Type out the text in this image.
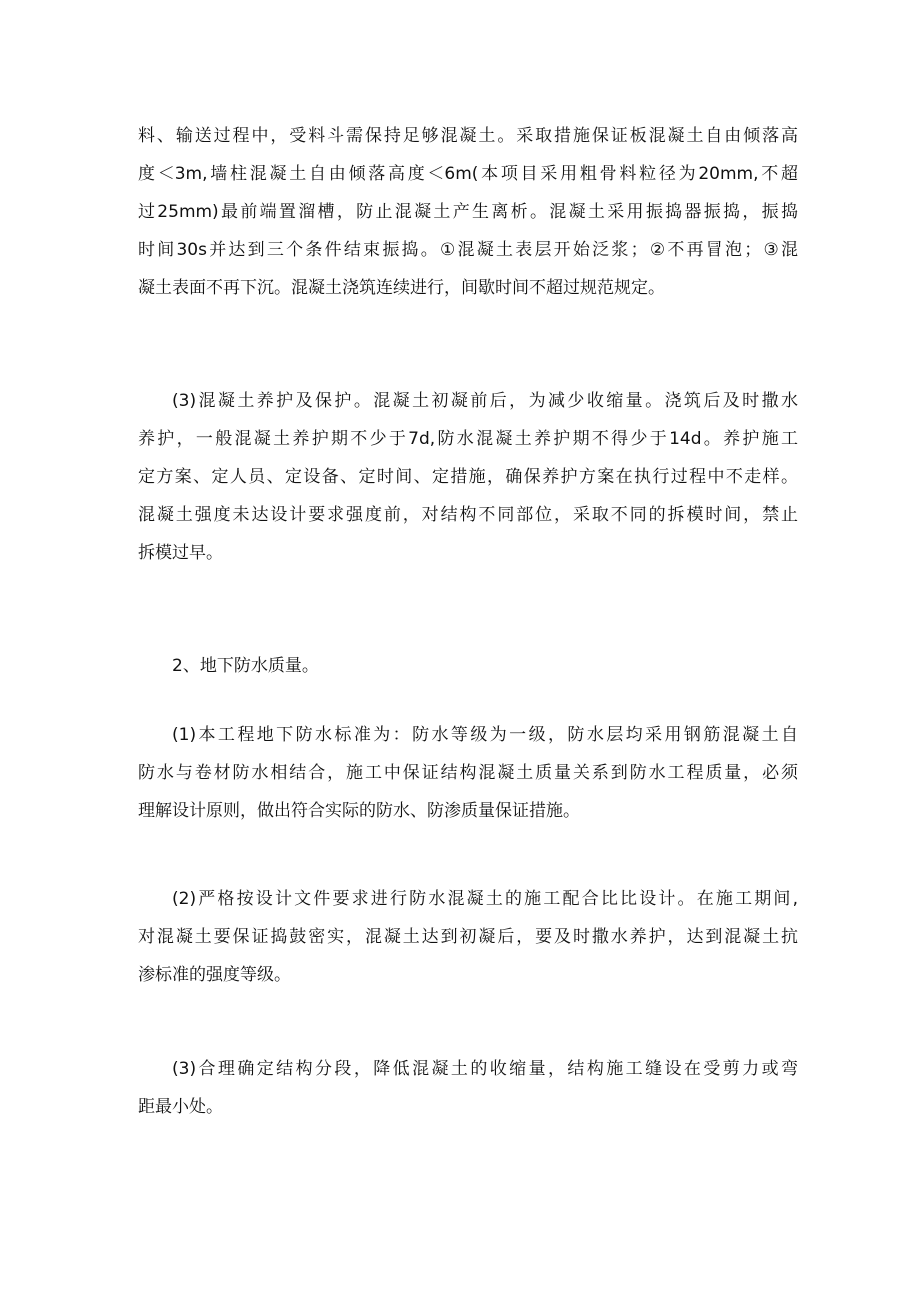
料、输送过程中，受料斗需保持足够混凝土。采取措施保证板混凝土自由倾落高
度＜3m,墙柱混凝土自由倾落高度＜6m(本项目采用粗骨料粒径为20mm,不超
过25mm)最前端置溜槽，防止混凝土产生离析。混凝土采用振捣器振捣，振捣
时间30s并达到三个条件结束振捣。①混凝土表层开始泛浆；②不再冒泡；③混
凝土表面不再下沉。混凝土浇筑连续进行，间歇时间不超过规范规定。
(3)混凝土养护及保护。混凝土初凝前后，为减少收缩量。浇筑后及时撒水
养护，一般混凝土养护期不少于7d,防水混凝土养护期不得少于14d。养护施工
定方案、定人员、定设备、定时间、定措施，确保养护方案在执行过程中不走样。
混凝土强度未达设计要求强度前，对结构不同部位，采取不同的拆模时间，禁止
拆模过早。
2、地下防水质量。
(1)本工程地下防水标准为：防水等级为一级，防水层均采用钢筋混凝土自
防水与卷材防水相结合，施工中保证结构混凝土质量关系到防水工程质量，必须
理解设计原则，做出符合实际的防水、防渗质量保证措施。
(2)严格按设计文件要求进行防水混凝土的施工配合比比设计。在施工期间,
对混凝土要保证捣鼓密实，混凝土达到初凝后，要及时撒水养护，达到混凝土抗
渗标准的强度等级。
(3)合理确定结构分段，降低混凝土的收缩量，结构施工缝设在受剪力或弯
距最小处。
